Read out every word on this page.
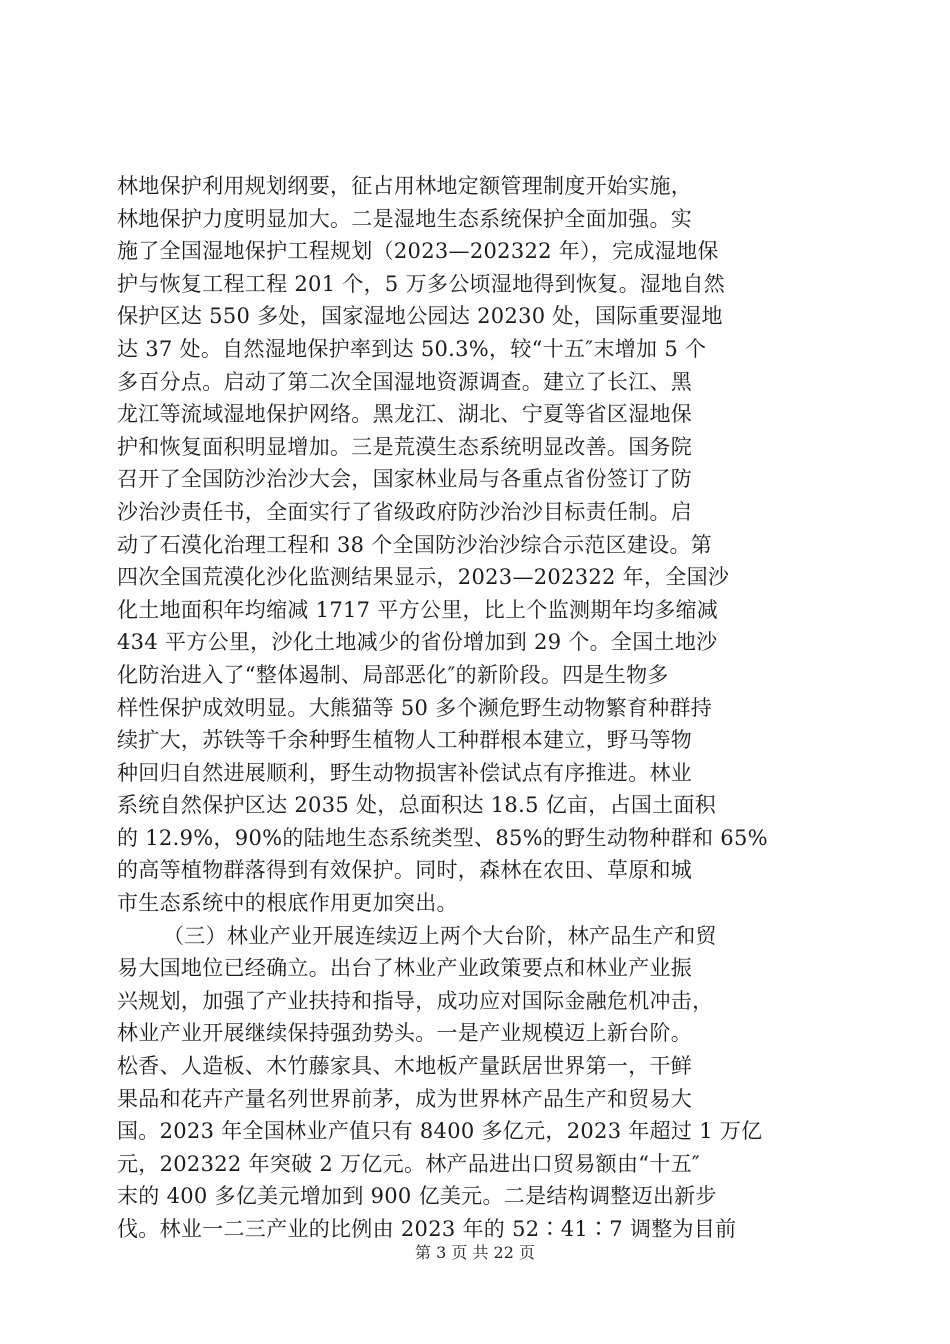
林地保护利用规划纲要，征占用林地定额管理制度开始实施，
林地保护力度明显加大。二是湿地生态系统保护全面加强。实
施了全国湿地保护工程规划（2023—202322 年），完成湿地保
护与恢复工程工程 201 个，5 万多公顷湿地得到恢复。湿地自然
保护区达 550 多处，国家湿地公园达 20230 处，国际重要湿地
达 37 处。自然湿地保护率到达 50.3%，较“十五″末增加 5 个
多百分点。启动了第二次全国湿地资源调查。建立了长江、黑
龙江等流域湿地保护网络。黑龙江、湖北、宁夏等省区湿地保
护和恢复面积明显增加。三是荒漠生态系统明显改善。国务院
召开了全国防沙治沙大会，国家林业局与各重点省份签订了防
沙治沙责任书，全面实行了省级政府防沙治沙目标责任制。启
动了石漠化治理工程和 38 个全国防沙治沙综合示范区建设。第
四次全国荒漠化沙化监测结果显示，2023—202322 年，全国沙
化土地面积年均缩减 1717 平方公里，比上个监测期年均多缩减
434 平方公里，沙化土地减少的省份增加到 29 个。全国土地沙
化防治进入了“整体遏制、局部恶化″的新阶段。四是生物多
样性保护成效明显。大熊猫等 50 多个濒危野生动物繁育种群持
续扩大，苏铁等千余种野生植物人工种群根本建立，野马等物
种回归自然进展顺利，野生动物损害补偿试点有序推进。林业
系统自然保护区达 2035 处，总面积达 18.5 亿亩，占国土面积
的 12.9%，90%的陆地生态系统类型、85%的野生动物种群和 65%
的高等植物群落得到有效保护。同时，森林在农田、草原和城
市生态系统中的根底作用更加突出。
（三）林业产业开展连续迈上两个大台阶，林产品生产和贸
易大国地位已经确立。出台了林业产业政策要点和林业产业振
兴规划，加强了产业扶持和指导，成功应对国际金融危机冲击，
林业产业开展继续保持强劲势头。一是产业规模迈上新台阶。
松香、人造板、木竹藤家具、木地板产量跃居世界第一，干鲜
果品和花卉产量名列世界前茅，成为世界林产品生产和贸易大
国。2023 年全国林业产值只有 8400 多亿元，2023 年超过 1 万亿
元，202322 年突破 2 万亿元。林产品进出口贸易额由“十五″
末的 400 多亿美元增加到 900 亿美元。二是结构调整迈出新步
伐。林业一二三产业的比例由 2023 年的 52∶41∶7 调整为目前
第 3 页 共 22 页
